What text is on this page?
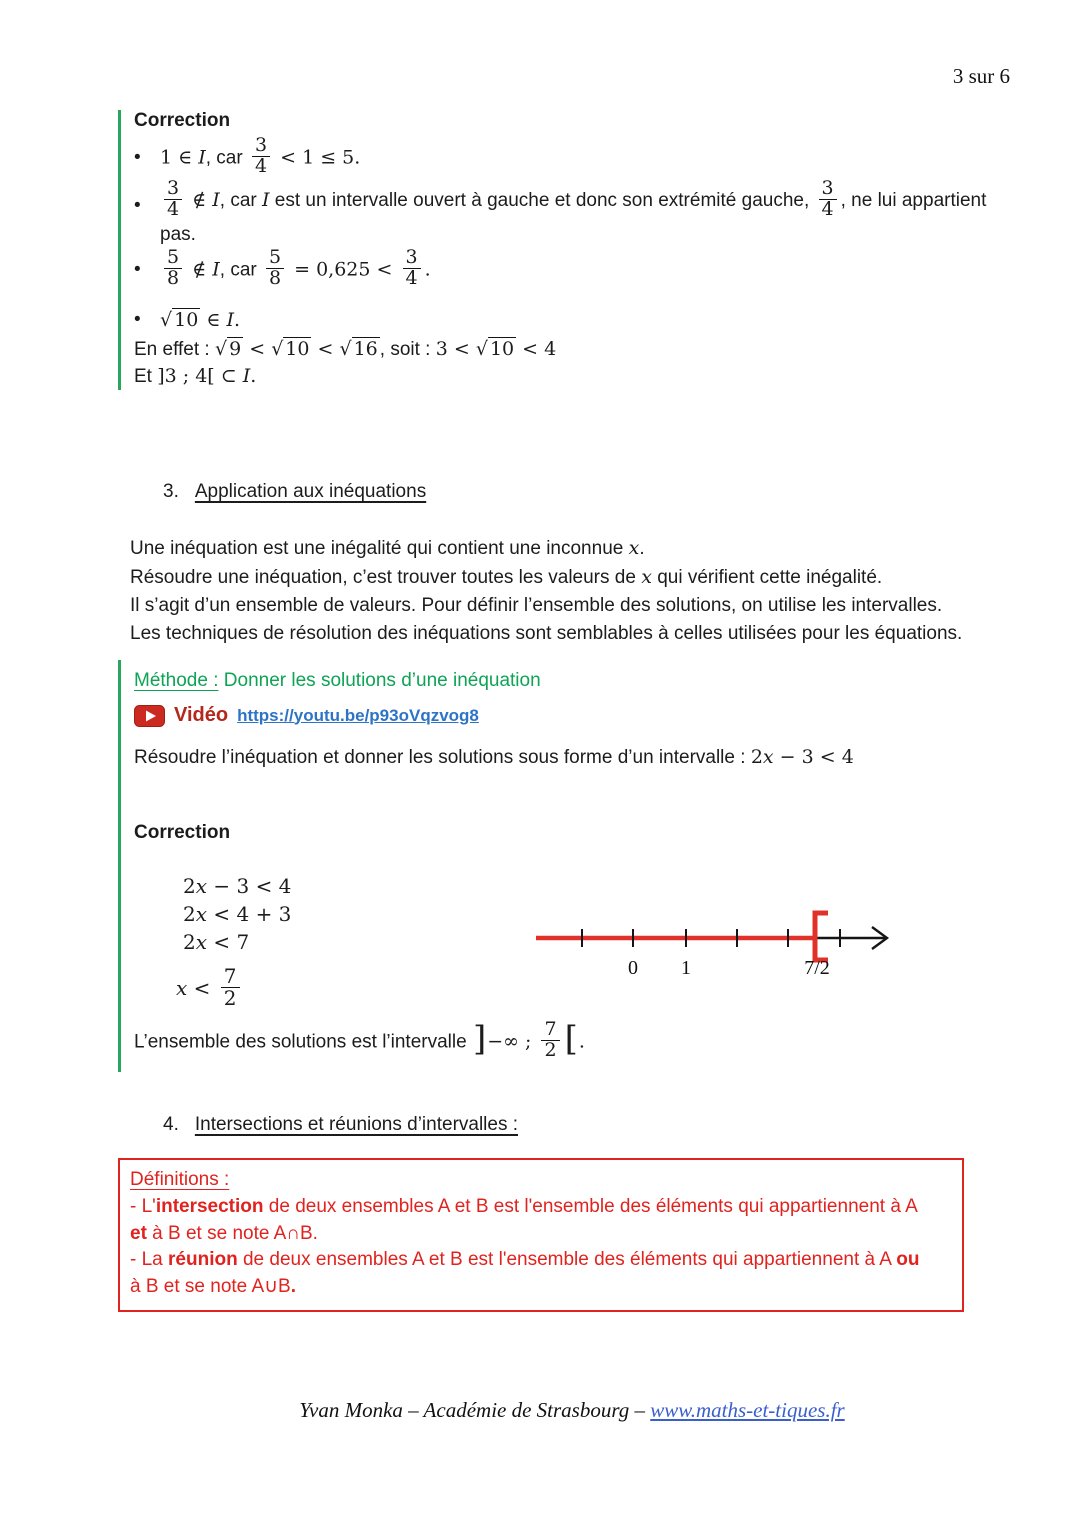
3 sur 6
Correction
•	1 ∈ I, car $\frac{3}{4} < 1 \le 5$.
•	$\frac{3}{4}$ ∉ I, car I est un intervalle ouvert à gauche et donc son extrémité gauche, $\frac{3}{4}$ , ne lui appartient
pas.
•	$\frac{5}{8}$ ∉ I, car $\frac{5}{8} = 0,625 < \frac{3}{4}$ .
•	√ 10 ∈ I.
En effet : √ 9 < √ 10 < √ 16 , soit : 3 < √ 10 < 4
Et ]3 ; 4[ ⊂ I.
3. Application aux inéquations
Une inéquation est une inégalité qui contient une inconnue x.
Résoudre une inéquation, c’est trouver toutes les valeurs de x qui vérifient cette inégalité.
Il s’agit d’un ensemble de valeurs. Pour définir l’ensemble des solutions, on utilise les intervalles.
Les techniques de résolution des inéquations sont semblables à celles utilisées pour les équations.
Méthode : Donner les solutions d’une inéquation
Vidéo https://youtu.be/p93oVqzvog8
Résoudre l’inéquation et donner les solutions sous forme d’un intervalle : 2x − 3 < 4
Correction
2x − 3 < 4
2x < 4 + 3
2x < 7
$x < \frac{7}{2}$
L’ensemble des solutions est l’intervalle ]−∞ ; $\frac{7}{2}$ [.
0 1	7/2
4. Intersections et réunions d’intervalles :
Définitions :
- L'intersection de deux ensembles A et B est l'ensemble des éléments qui appartiennent à A
et à B et se note A∩B.
- La réunion de deux ensembles A et B est l'ensemble des éléments qui appartiennent à A ou
à B et se note A∪B.
Yvan Monka – Académie de Strasbourg – www.maths-et-tiques.fr
